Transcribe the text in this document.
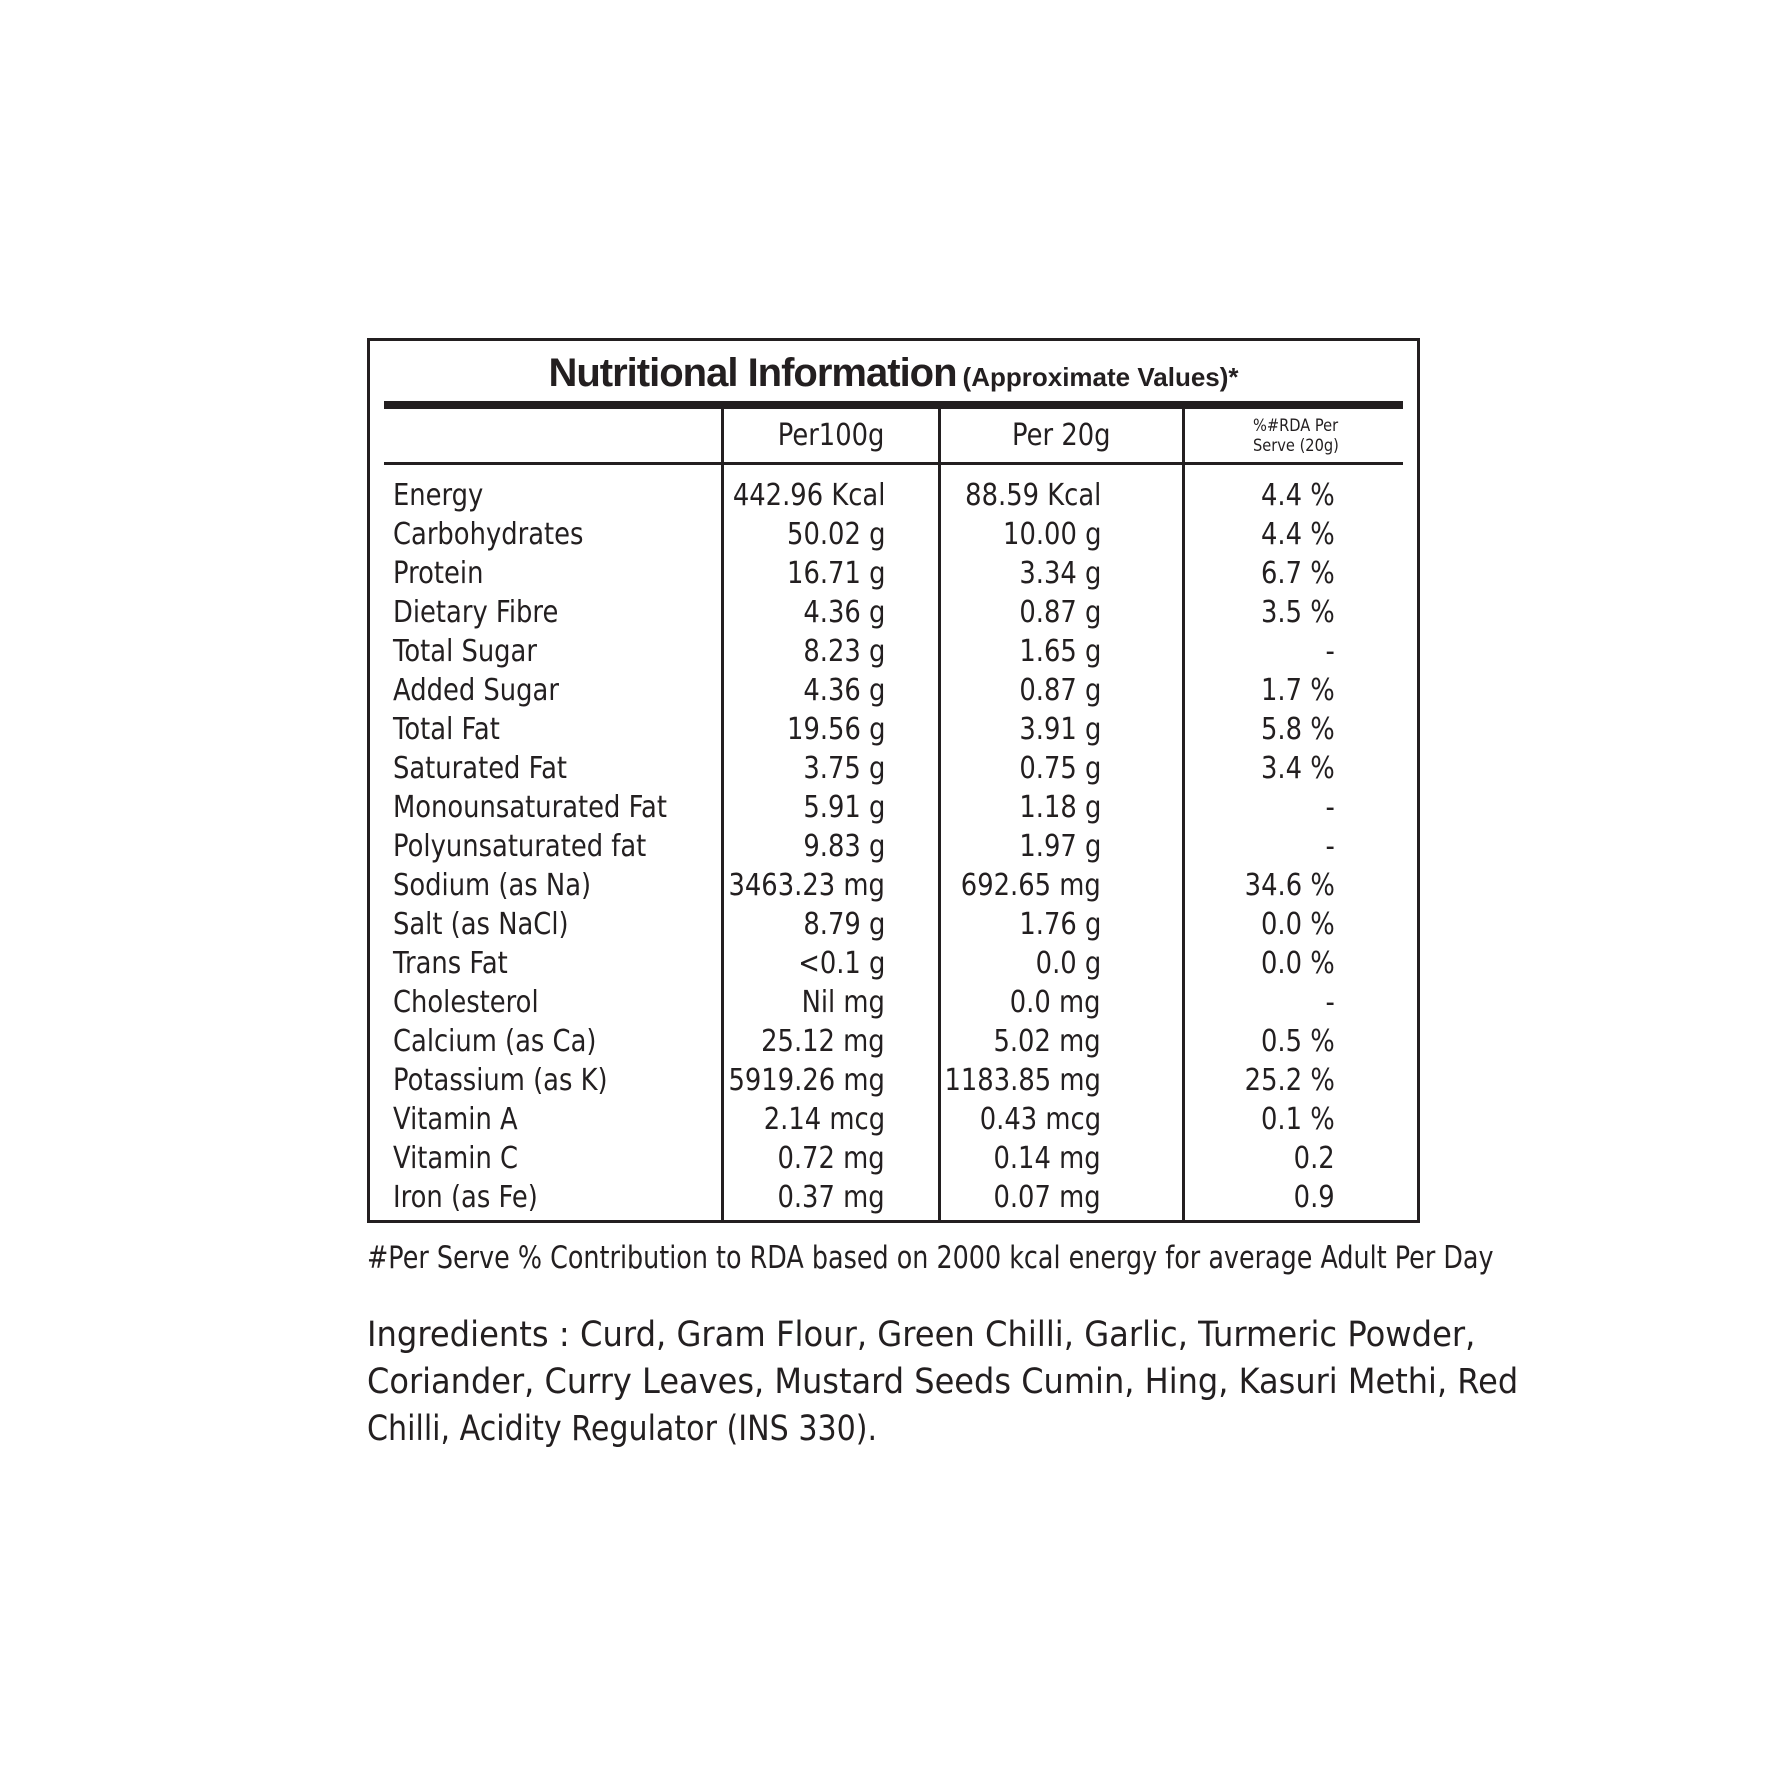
Nutritional Information (Approximate Values)*
Per100g	Per 20g	%#RDA Per
Serve (20g)
Energy	442.96 Kcal	88.59 Kcal	4.4 %
Carbohydrates	50.02 g	10.00 g	4.4 %
Protein	16.71 g	3.34 g	6.7 %
Dietary Fibre	4.36 g	0.87 g	3.5 %
Total Sugar	8.23 g	1.65 g	-
Added Sugar	4.36 g	0.87 g	1.7 %
Total Fat	19.56 g	3.91 g	5.8 %
Saturated Fat	3.75 g	0.75 g	3.4 %
Monounsaturated Fat	5.91 g	1.18 g	-
Polyunsaturated fat	9.83 g	1.97 g	-
Sodium (as Na)	3463.23 mg	692.65 mg	34.6 %
Salt (as NaCl)	8.79 g	1.76 g	0.0 %
Trans Fat	<0.1 g	0.0 g	0.0 %
Cholesterol	Nil mg	0.0 mg	-
Calcium (as Ca)	25.12 mg	5.02 mg	0.5 %
Potassium (as K)	5919.26 mg 1183.85 mg	25.2 %
Vitamin A	2.14 mcg	0.43 mcg	0.1 %
Vitamin C	0.72 mg	0.14 mg	0.2
Iron (as Fe)	0.37 mg	0.07 mg	0.9
#Per Serve % Contribution to RDA based on 2000 kcal energy for average Adult Per Day
Ingredients : Curd, Gram Flour, Green Chilli, Garlic, Turmeric Powder,
Coriander, Curry Leaves, Mustard Seeds Cumin, Hing, Kasuri Methi, Red
Chilli, Acidity Regulator (INS 330).
